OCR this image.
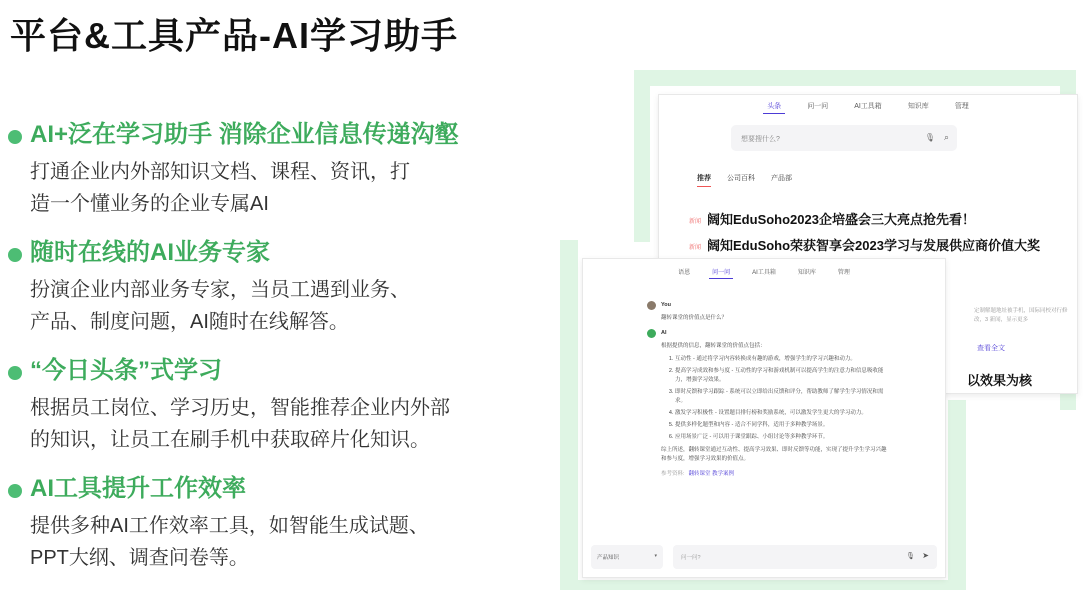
平台&工具产品-AI学习助手
AI+泛在学习助手 消除企业信息传递沟壑

打通企业内外部知识文档、课程、资讯，打

造一个懂业务的企业专属AI

随时在线的AI业务专家

扮演企业内部业务专家，当员工遇到业务、

产品、制度问题，AI随时在线解答。

“今日头条”式学习

根据员工岗位、学习历史，智能推荐企业内外部

的知识，让员工在刷手机中获取碎片化知识。

AI工具提升工作效率

提供多种AI工作效率工具，如智能生成试题、

PPT大纲、调查问卷等。

头条	问一问	AI工具箱	知识库	管理
想要搜什么?	🎙 ⌕
推荐 公司百科 产品部
新闻 阔知EduSoho2023企培盛会三大亮点抢先看！
新闻 阔知EduSoho荣获智享会2023学习与发展供应商价值大奖
定制解题地址被手机，国际同校对行修改，3 新闻，显示更多
查看全文
以效果为核
语恩	问一问	AI工具箱	知识库	管理
You
翻转课堂的价值点是什么？
AI
根据提供的信息，翻转课堂的价值点包括：
1. 互动性 - 通过将学习内容转换成有趣的游戏，增强学生的学习兴趣和动力。
2. 提高学习成效和参与度 - 互动性的学习和游戏机制可以提高学生的注意力和信息吸收能力，增强学习效果。
3. 即时反馈和学习跟踪 - 系统可以立即给出反馈和评分，帮助教师了解学生学习情况和需求。
4. 激发学习积极性 - 设置题目排行榜和奖励系统，可以激发学生更大的学习动力。
5. 提供多样化题型和内容 - 适合不同学科，适用于多种教学场景。
6. 应用场景广泛 - 可以用于课堂跟踪、小组讨论等多种教学环节。
综上所述，翻转课堂通过互动性、提高学习效果、即时反馈等功能，实现了提升学生学习兴趣和参与度，增强学习效果的价值点。
参考资料: 翻转课堂 教学案例
产品知识	▾	问一问?	🎙 ➤
